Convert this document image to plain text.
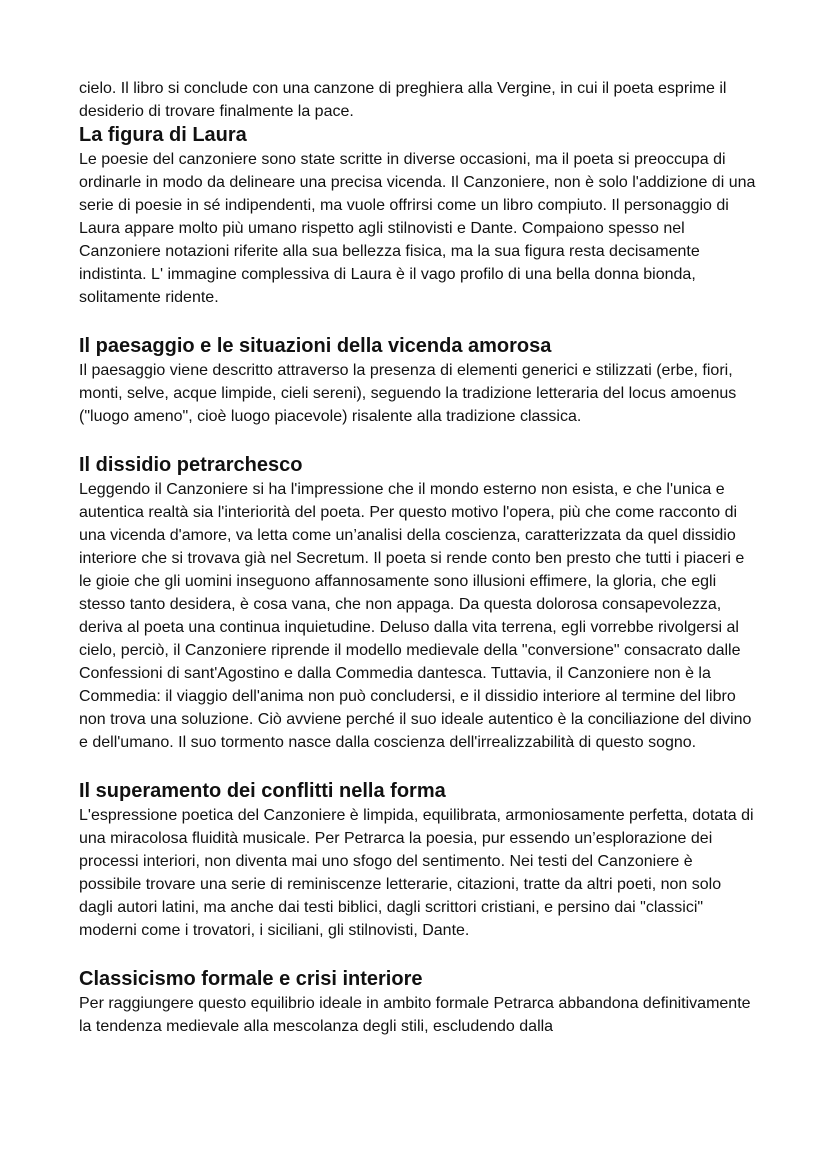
cielo. Il libro si conclude con una canzone di preghiera alla Vergine, in cui il poeta esprime il desiderio di trovare finalmente la pace.

La figura di Laura

Le poesie del canzoniere sono state scritte in diverse occasioni, ma il poeta si preoccupa di ordinarle in modo da delineare una precisa vicenda. Il Canzoniere, non è solo l'addizione di una serie di poesie in sé indipendenti, ma vuole offrirsi come un libro compiuto. Il personaggio di Laura appare molto più umano rispetto agli stilnovisti e Dante. Compaiono spesso nel Canzoniere notazioni riferite alla sua bellezza fisica, ma la sua figura resta decisamente indistinta. L' immagine complessiva di Laura è il vago profilo di una bella donna bionda, solitamente ridente.

Il paesaggio e le situazioni della vicenda amorosa

Il paesaggio viene descritto attraverso la presenza di elementi generici e stilizzati (erbe, fiori, monti, selve, acque limpide, cieli sereni), seguendo la tradizione letteraria del locus amoenus ("luogo ameno", cioè luogo piacevole) risalente alla tradizione classica.

Il dissidio petrarchesco

Leggendo il Canzoniere si ha l'impressione che il mondo esterno non esista, e che l'unica e autentica realtà sia l'interiorità del poeta. Per questo motivo l'opera, più che come racconto di una vicenda d'amore, va letta come un’analisi della coscienza, caratterizzata da quel dissidio interiore che si trovava già nel Secretum. Il poeta si rende conto ben presto che tutti i piaceri e le gioie che gli uomini inseguono affannosamente sono illusioni effimere, la gloria, che egli stesso tanto desidera, è cosa vana, che non appaga. Da questa dolorosa consapevolezza, deriva al poeta una continua inquietudine. Deluso dalla vita terrena, egli vorrebbe rivolgersi al cielo, perciò, il Canzoniere riprende il modello medievale della "conversione" consacrato dalle Confessioni di sant'Agostino e dalla Commedia dantesca. Tuttavia, il Canzoniere non è la Commedia: il viaggio dell'anima non può concludersi, e il dissidio interiore al termine del libro non trova una soluzione. Ciò avviene perché il suo ideale autentico è la conciliazione del divino e dell'umano. Il suo tormento nasce dalla coscienza dell'irrealizzabilità di questo sogno.

Il superamento dei conflitti nella forma

L'espressione poetica del Canzoniere è limpida, equilibrata, armoniosamente perfetta, dotata di una miracolosa fluidità musicale. Per Petrarca la poesia, pur essendo un’esplorazione dei processi interiori, non diventa mai uno sfogo del sentimento. Nei testi del Canzoniere è possibile trovare una serie di reminiscenze letterarie, citazioni, tratte da altri poeti, non solo dagli autori latini, ma anche dai testi biblici, dagli scrittori cristiani, e persino dai "classici" moderni come i trovatori, i siciliani, gli stilnovisti, Dante.

Classicismo formale e crisi interiore

Per raggiungere questo equilibrio ideale in ambito formale Petrarca abbandona definitivamente la tendenza medievale alla mescolanza degli stili, escludendo dalla
